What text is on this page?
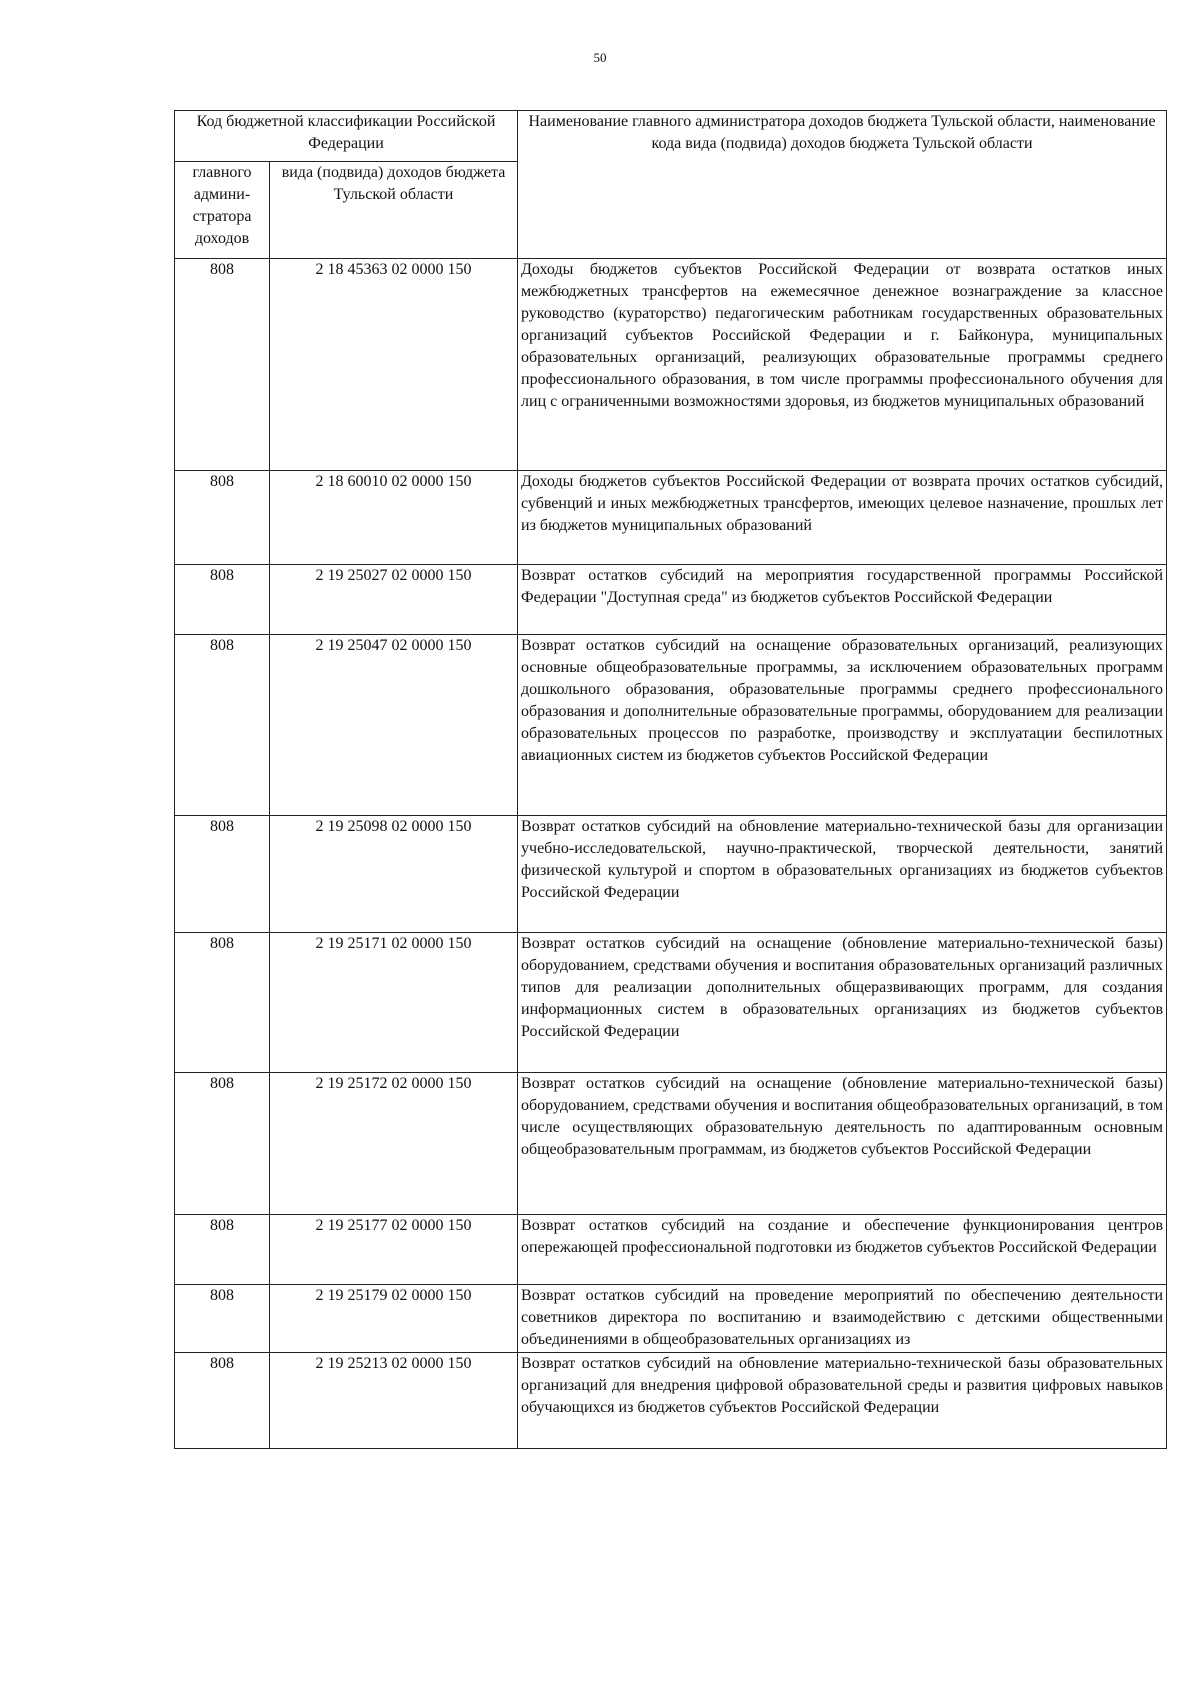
50
Код бюджетной классификации Российской Федерации		Наименование главного администратора доходов бюджета Тульской области, наименование кода вида (подвида) доходов бюджета Тульской области
главного админи-стратора доходов	вида (подвида) доходов бюджета Тульской области	
808	2 18 45363 02 0000 150	Доходы бюджетов субъектов Российской Федерации от возврата остатков иных межбюджетных трансфертов на ежемесячное денежное вознаграждение за классное руководство (кураторство) педагогическим работникам государственных образовательных организаций субъектов Российской Федерации и г. Байконура, муниципальных образовательных организаций, реализующих образовательные программы среднего профессионального образования, в том числе программы профессионального обучения для лиц с ограниченными возможностями здоровья, из бюджетов муниципальных образований
808	2 18 60010 02 0000 150	Доходы бюджетов субъектов Российской Федерации от возврата прочих остатков субсидий, субвенций и иных межбюджетных трансфертов, имеющих целевое назначение, прошлых лет из бюджетов муниципальных образований
808	2 19 25027 02 0000 150	Возврат остатков субсидий на мероприятия государственной программы Российской Федерации "Доступная среда" из бюджетов субъектов Российской Федерации
808	2 19 25047 02 0000 150	Возврат остатков субсидий на оснащение образовательных организаций, реализующих основные общеобразовательные программы, за исключением образовательных программ дошкольного образования, образовательные программы среднего профессионального образования и дополнительные образовательные программы, оборудованием для реализации образовательных процессов по разработке, производству и эксплуатации беспилотных авиационных систем из бюджетов субъектов Российской Федерации
808	2 19 25098 02 0000 150	Возврат остатков субсидий на обновление материально-технической базы для организации учебно-исследовательской, научно-практической, творческой деятельности, занятий физической культурой и спортом в образовательных организациях из бюджетов субъектов Российской Федерации
808	2 19 25171 02 0000 150	Возврат остатков субсидий на оснащение (обновление материально-технической базы) оборудованием, средствами обучения и воспитания образовательных организаций различных типов для реализации дополнительных общеразвивающих программ, для создания информационных систем в образовательных организациях из бюджетов субъектов Российской Федерации
808	2 19 25172 02 0000 150	Возврат остатков субсидий на оснащение (обновление материально-технической базы) оборудованием, средствами обучения и воспитания общеобразовательных организаций, в том числе осуществляющих образовательную деятельность по адаптированным основным общеобразовательным программам, из бюджетов субъектов Российской Федерации
808	2 19 25177 02 0000 150	Возврат остатков субсидий на создание и обеспечение функционирования центров опережающей профессиональной подготовки из бюджетов субъектов Российской Федерации
808	2 19 25179 02 0000 150	Возврат остатков субсидий на проведение мероприятий по обеспечению деятельности советников директора по воспитанию и взаимодействию с детскими общественными объединениями в общеобразовательных организациях из

808	2 19 25213 02 0000 150	Возврат остатков субсидий на обновление материально-технической базы образовательных организаций для внедрения цифровой образовательной среды и развития цифровых навыков обучающихся из бюджетов субъектов Российской Федерации
